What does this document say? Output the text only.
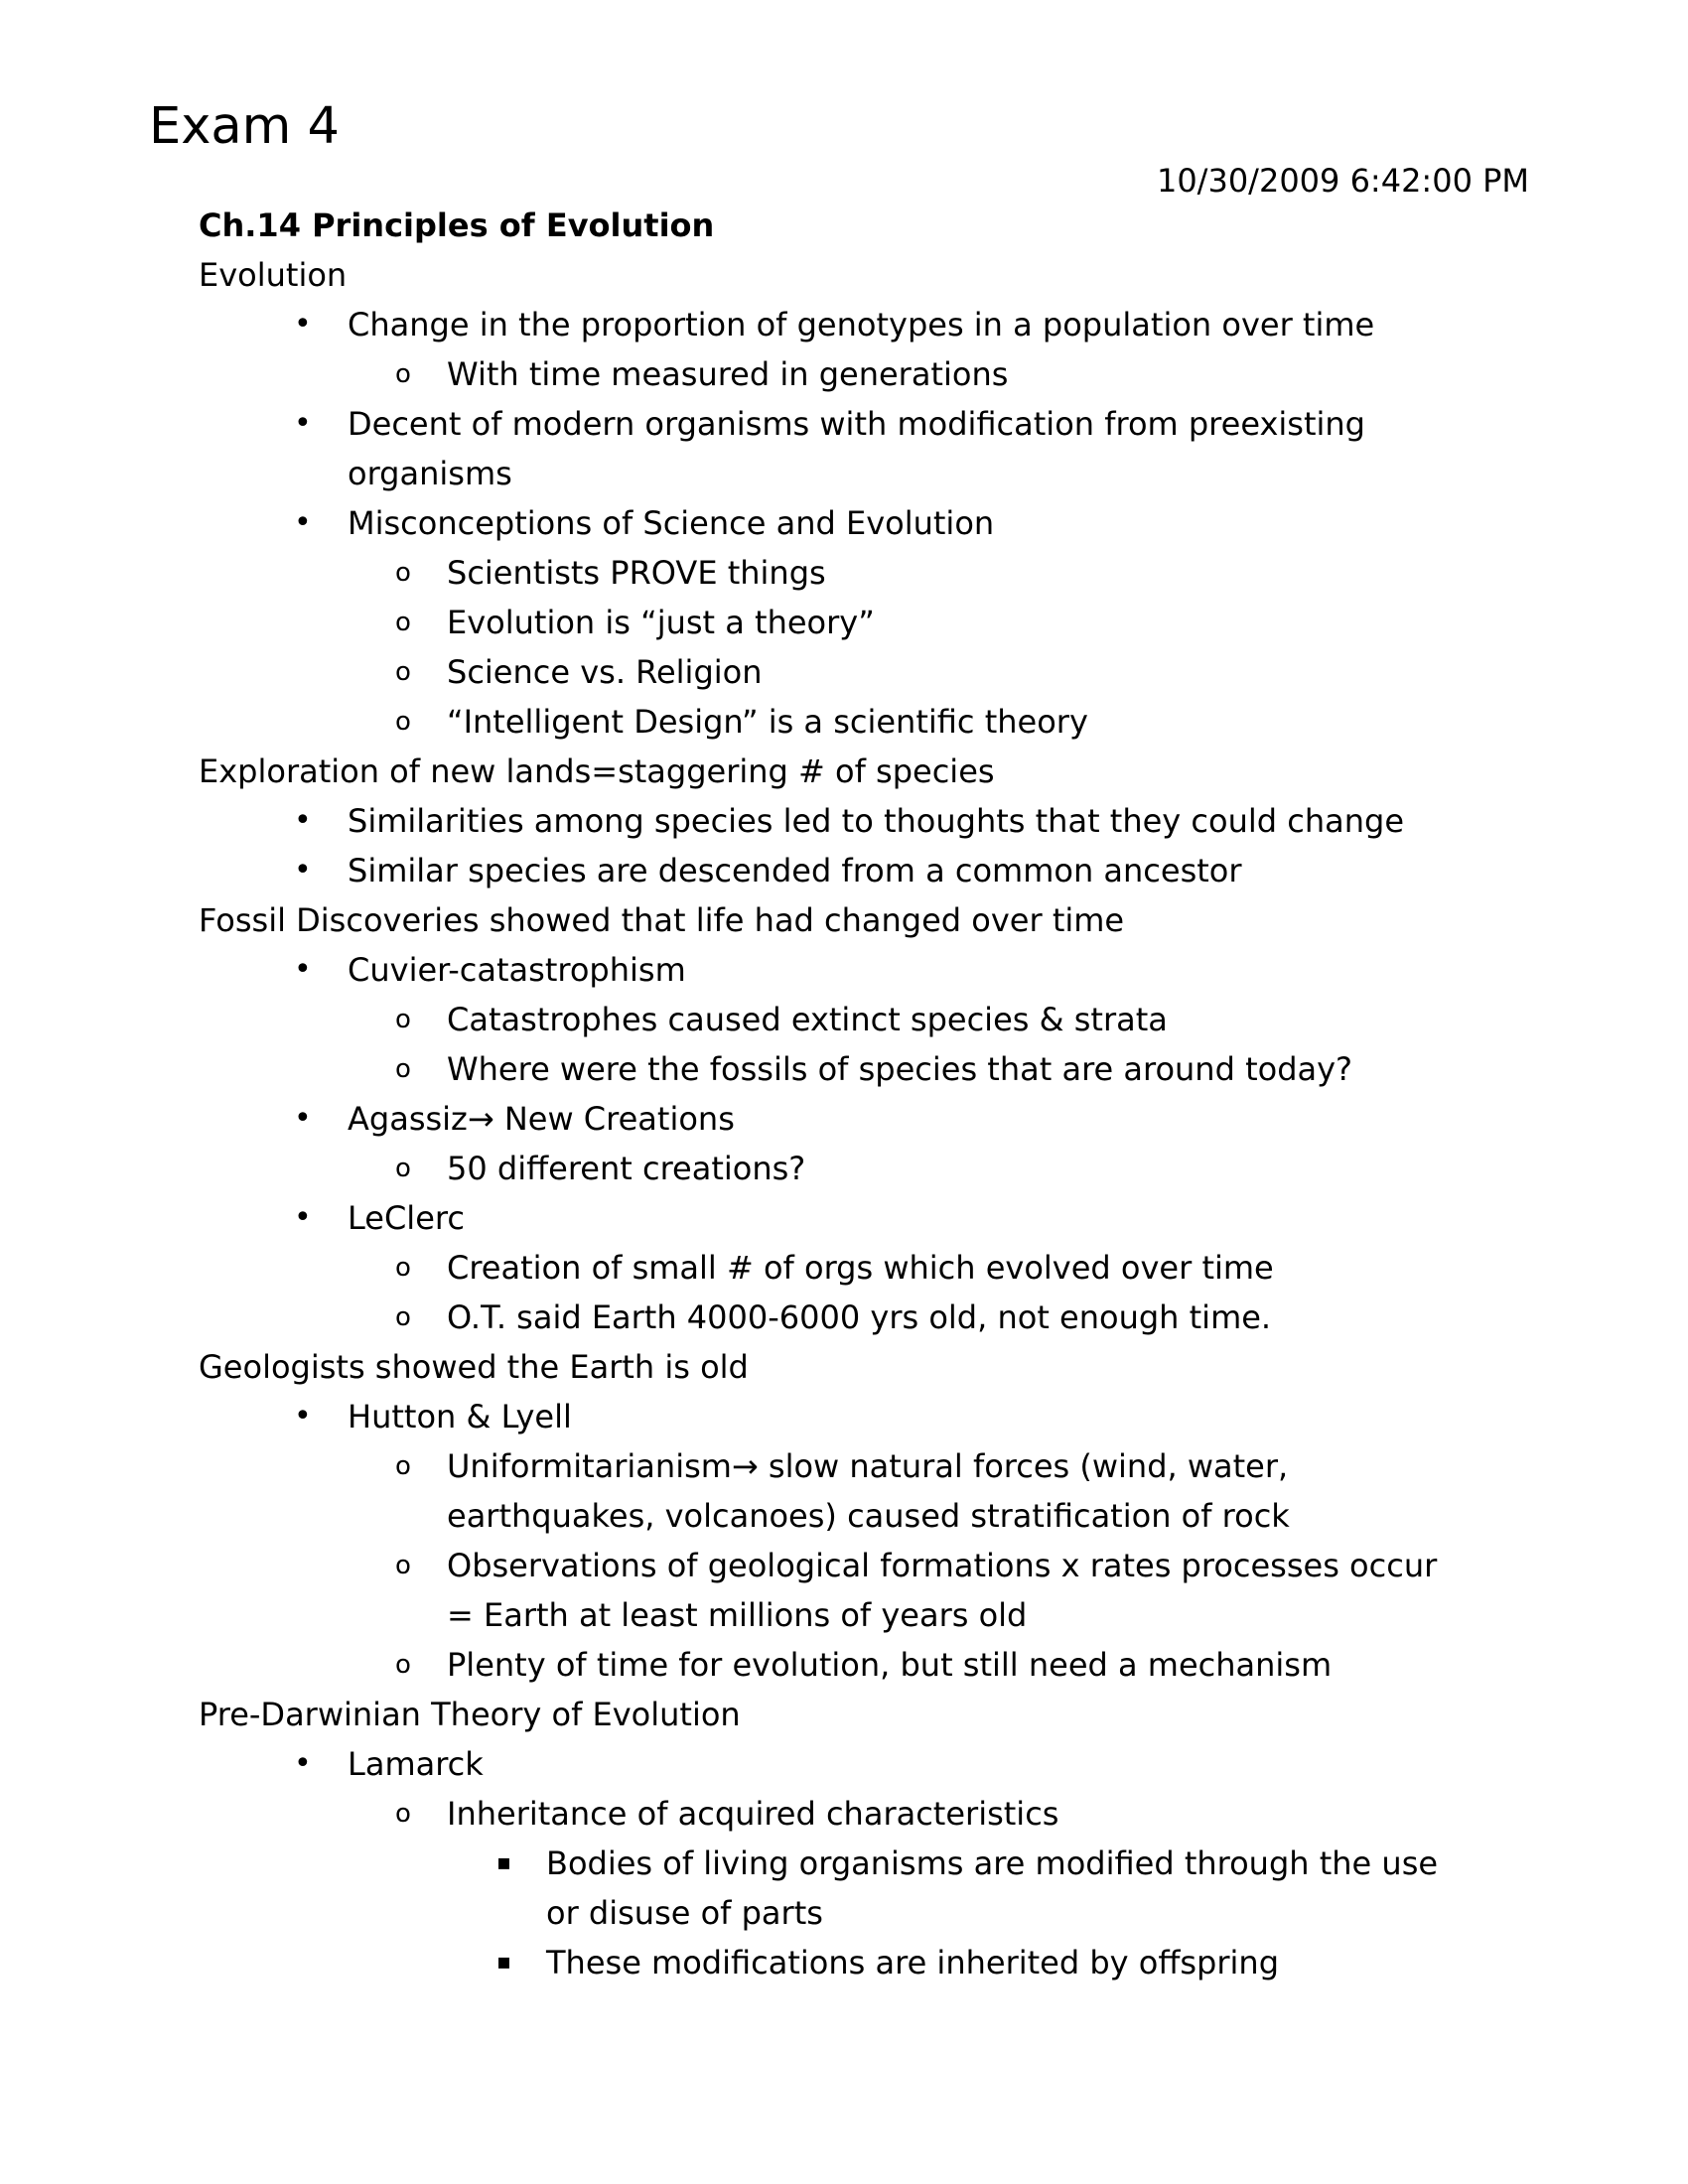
Exam 4
10/30/2009 6:42:00 PM
Ch.14 Principles of Evolution
Evolution
• Change in the proportion of genotypes in a population over time
o With time measured in generations
• Decent of modern organisms with modification from preexisting
organisms
• Misconceptions of Science and Evolution
o Scientists PROVE things
o Evolution is “just a theory”
o Science vs. Religion
o “Intelligent Design” is a scientific theory
Exploration of new lands=staggering # of species
• Similarities among species led to thoughts that they could change
• Similar species are descended from a common ancestor
Fossil Discoveries showed that life had changed over time
• Cuvier-catastrophism
o Catastrophes caused extinct species & strata
o Where were the fossils of species that are around today?
• Agassiz→ New Creations
o 50 different creations?
• LeClerc
o Creation of small # of orgs which evolved over time
o O.T. said Earth 4000-6000 yrs old, not enough time.
Geologists showed the Earth is old
• Hutton & Lyell
o Uniformitarianism→ slow natural forces (wind, water,
earthquakes, volcanoes) caused stratification of rock
o Observations of geological formations x rates processes occur
= Earth at least millions of years old
o Plenty of time for evolution, but still need a mechanism
Pre-Darwinian Theory of Evolution
• Lamarck
o Inheritance of acquired characteristics
▪ Bodies of living organisms are modified through the use
or disuse of parts
▪ These modifications are inherited by offspring
